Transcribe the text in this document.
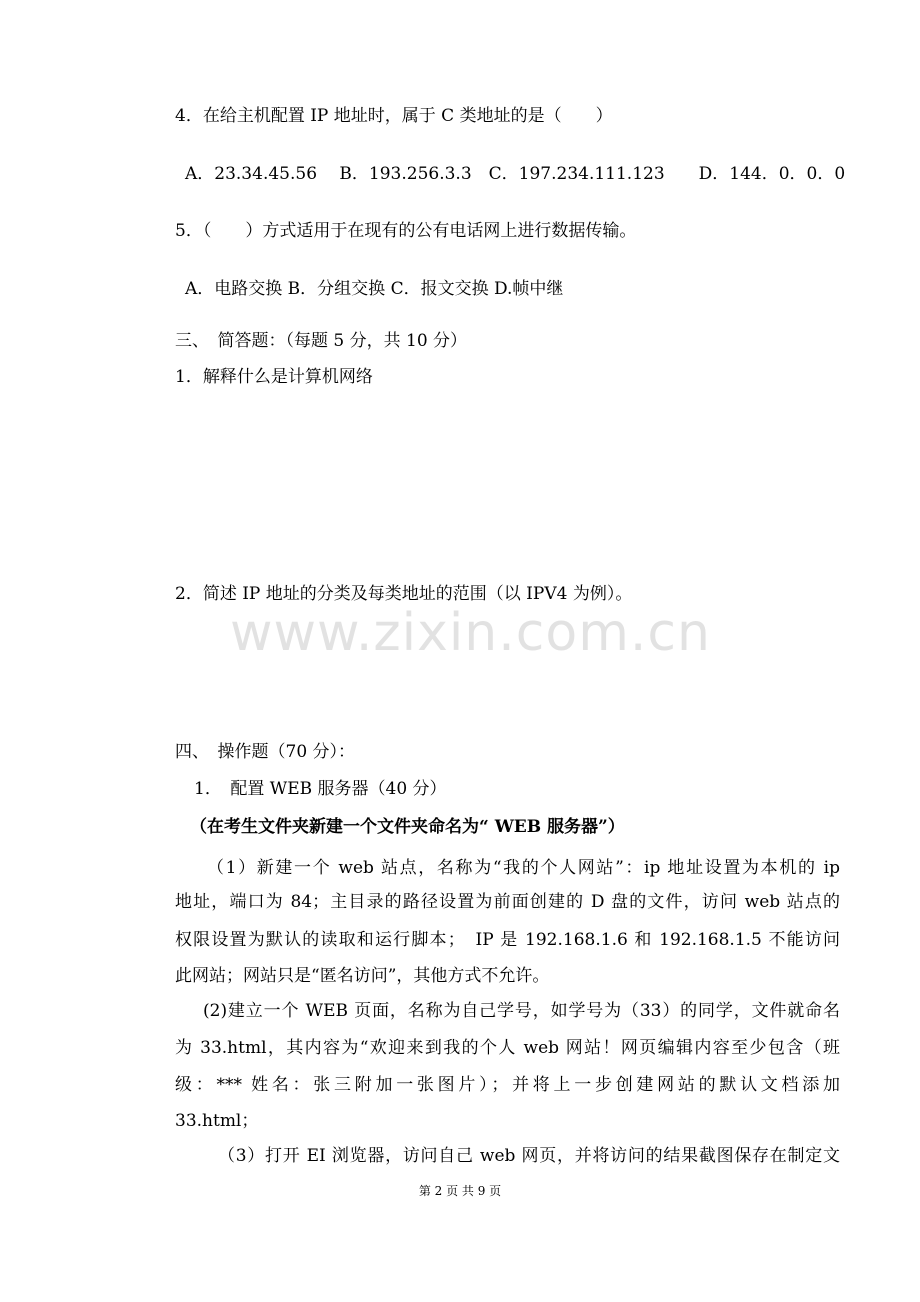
4．在给主机配置 IP 地址时，属于 C 类地址的是（　　）
A．23.34.45.56　 B．193.256.3.3　C．197.234.111.123　　D．144．0．0．0
5．（　　）方式适用于在现有的公有电话网上进行数据传输。
A．电路交换 B．分组交换 C．报文交换 D.帧中继
三、　简答题：（每题 5 分，共 10 分）
1．解释什么是计算机网络
2．简述 IP 地址的分类及每类地址的范围（以 IPV4 为例）。
www.zixin.com.cn
四、　操作题（70 分）：
1．　配置 WEB 服务器（40 分）
（在考生文件夹新建一个文件夹命名为“ WEB 服务器”）
（1）新建一个 web 站点，名称为“我的个人网站”：ip 地址设置为本机的 ip
地址，端口为 84；主目录的路径设置为前面创建的 D 盘的文件，访问 web 站点的
权限设置为默认的读取和运行脚本；　IP 是 192.168.1.6 和 192.168.1.5 不能访问
此网站；网站只是“匿名访问”，其他方式不允许。
(2)建立一个 WEB 页面，名称为自己学号，如学号为（33）的同学，文件就命名
为 33.html，其内容为“欢迎来到我的个人 web 网站！网页编辑内容至少包含（班
级：*** 姓名：张三附加一张图片）；并将上一步创建网站的默认文档添加
33.html；
（3）打开 EI 浏览器，访问自己 web 网页，并将访问的结果截图保存在制定文
第 2 页 共 9 页
